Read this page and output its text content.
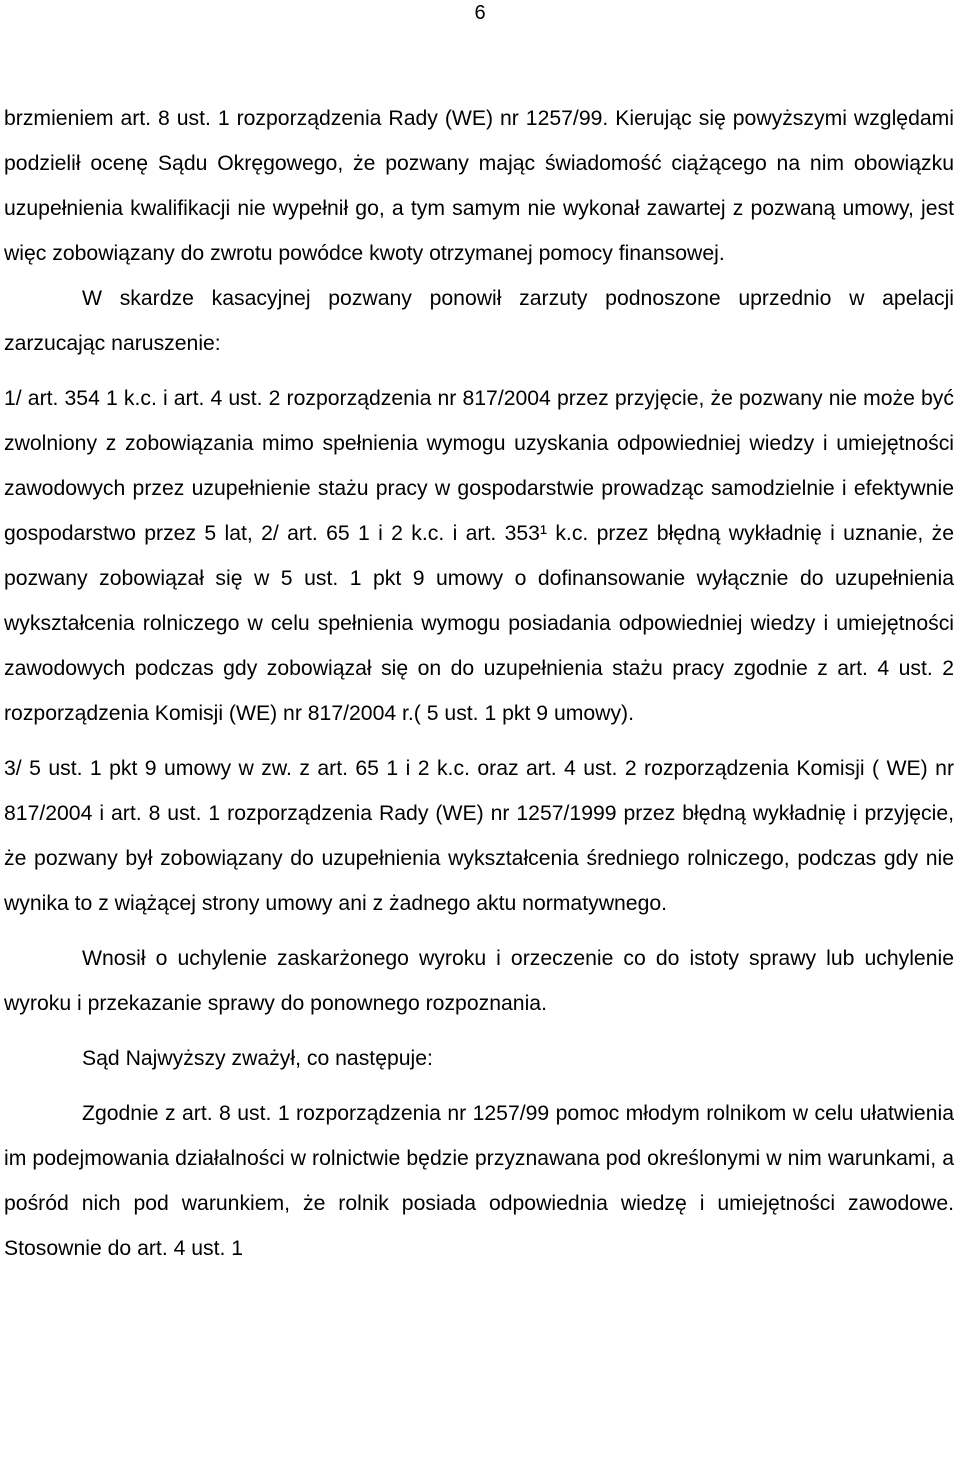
6

brzmieniem art. 8 ust. 1 rozporządzenia Rady (WE) nr 1257/99. Kierując się powyższymi względami podzielił ocenę Sądu Okręgowego, że pozwany mając świadomość ciążącego na nim obowiązku uzupełnienia kwalifikacji nie wypełnił go, a tym samym nie wykonał zawartej z pozwaną umowy, jest więc zobowiązany do zwrotu powódce kwoty otrzymanej pomocy finansowej.

W skardze kasacyjnej pozwany ponowił zarzuty podnoszone uprzednio w apelacji zarzucając naruszenie:

1/ art. 354 1 k.c. i art. 4 ust. 2 rozporządzenia nr 817/2004 przez przyjęcie, że pozwany nie może być zwolniony z zobowiązania mimo spełnienia wymogu uzyskania odpowiedniej wiedzy i umiejętności zawodowych przez uzupełnienie stażu pracy w gospodarstwie prowadząc samodzielnie i efektywnie gospodarstwo przez 5 lat, 2/ art. 65 1 i 2 k.c. i art. 353¹ k.c. przez błędną wykładnię i uznanie, że pozwany zobowiązał się w 5 ust. 1 pkt 9 umowy o dofinansowanie wyłącznie do uzupełnienia wykształcenia rolniczego w celu spełnienia wymogu posiadania odpowiedniej wiedzy i umiejętności zawodowych podczas gdy zobowiązał się on do uzupełnienia stażu pracy zgodnie z art. 4 ust. 2 rozporządzenia Komisji (WE) nr 817/2004 r.( 5 ust. 1 pkt 9 umowy).

3/ 5 ust. 1 pkt 9 umowy w zw. z art. 65 1 i 2 k.c. oraz art. 4 ust. 2 rozporządzenia Komisji ( WE) nr 817/2004 i art. 8 ust. 1 rozporządzenia Rady (WE) nr 1257/1999 przez błędną wykładnię i przyjęcie, że pozwany był zobowiązany do uzupełnienia wykształcenia średniego rolniczego, podczas gdy nie wynika to z wiążącej strony umowy ani z żadnego aktu normatywnego.

Wnosił o uchylenie zaskarżonego wyroku i orzeczenie co do istoty sprawy lub uchylenie wyroku i przekazanie sprawy do ponownego rozpoznania.

Sąd Najwyższy zważył, co następuje:

Zgodnie z art. 8 ust. 1 rozporządzenia nr 1257/99 pomoc młodym rolnikom w celu ułatwienia im podejmowania działalności w rolnictwie będzie przyznawana pod określonymi w nim warunkami, a pośród nich pod warunkiem, że rolnik posiada odpowiednia wiedzę i umiejętności zawodowe. Stosownie do art. 4 ust. 1
